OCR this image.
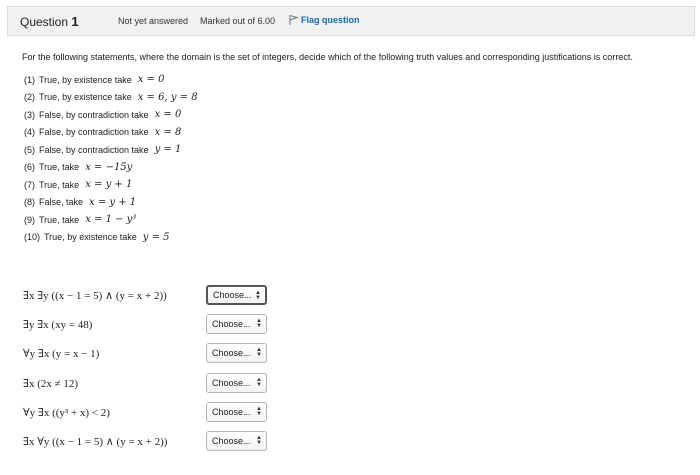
Question 1	Not yet answered Marked out of 6.00	Flag question
For the following statements, where the domain is the set of integers, decide which of the following truth values and corresponding justifications is correct.
(1) True, by existence take x = 0
(2) True, by existence take x = 6, y = 8
(3) False, by contradiction take x = 0
(4) False, by contradiction take x = 8
(5) False, by contradiction take y = 1
(6) True, take x = −15y
(7) True, take x = y + 1
(8) False, take x = y + 1
(9) True, take x = 1 − y³
(10) True, by existence take y = 5
∃x ∃y ((x − 1 = 5) ∧ (y = x + 2))	Choose... ▲
▼
∃y ∃x (xy = 48)	Choose... ▲
▼
∀y ∃x (y = x − 1)	Choose... ▲
▼
∃x (2x ≠ 12)	Choose... ▲
▼
∀y ∃x ((y³ + x) < 2)	Choose... ▲
▼
∃x ∀y ((x − 1 = 5) ∧ (y = x + 2))	Choose... ▲
▼
